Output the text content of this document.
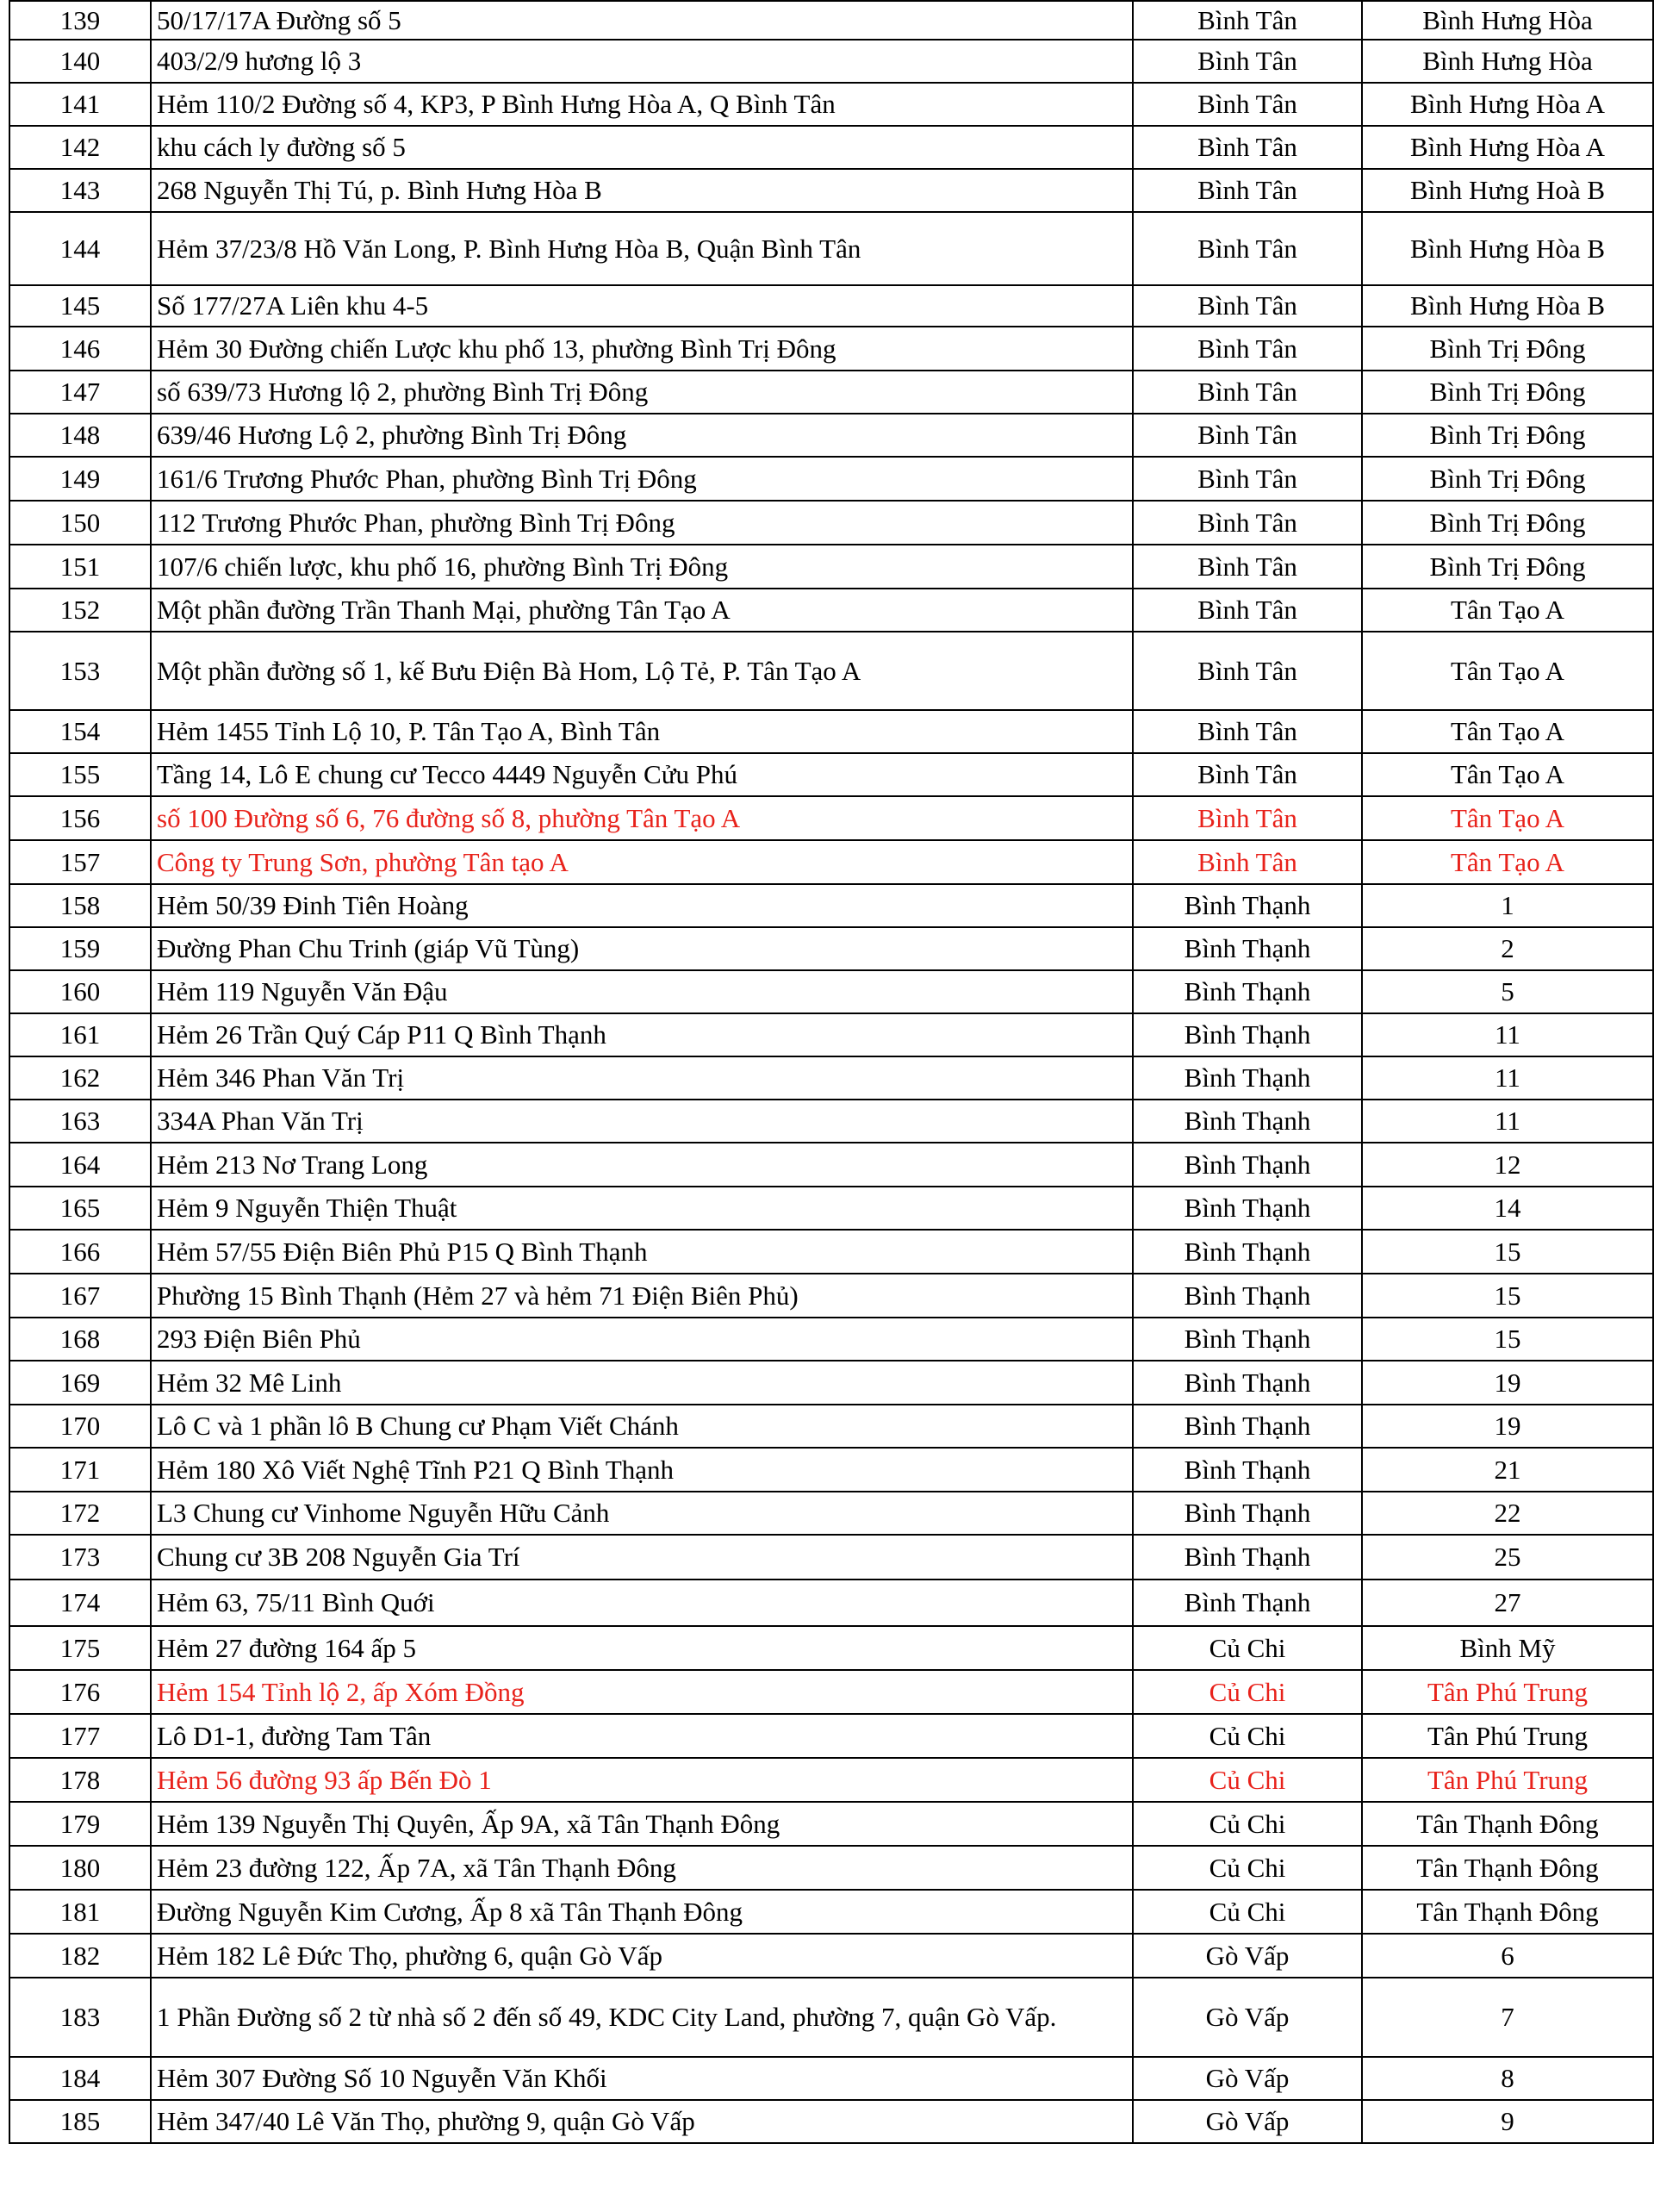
139	50/17/17A Đường số 5	Bình Tân	Bình Hưng Hòa
140	403/2/9 hương lộ 3	Bình Tân	Bình Hưng Hòa
141	Hẻm 110/2 Đường số 4, KP3, P Bình Hưng Hòa A, Q Bình Tân	Bình Tân	Bình Hưng Hòa A
142	khu cách ly đường số 5	Bình Tân	Bình Hưng Hòa A
143	268 Nguyễn Thị Tú, p. Bình Hưng Hòa B	Bình Tân	Bình Hưng Hoà B
144	Hẻm 37/23/8 Hồ Văn Long, P. Bình Hưng Hòa B, Quận Bình Tân	Bình Tân	Bình Hưng Hòa B
145	Số 177/27A Liên khu 4-5	Bình Tân	Bình Hưng Hòa B
146	Hẻm 30 Đường chiến Lược khu phố 13, phường Bình Trị Đông	Bình Tân	Bình Trị Đông
147	số 639/73 Hương lộ 2, phường Bình Trị Đông	Bình Tân	Bình Trị Đông
148	639/46 Hương Lộ 2, phường Bình Trị Đông	Bình Tân	Bình Trị Đông
149	161/6 Trương Phước Phan, phường Bình Trị Đông	Bình Tân	Bình Trị Đông
150	112 Trương Phước Phan, phường Bình Trị Đông	Bình Tân	Bình Trị Đông
151	107/6 chiến lược, khu phố 16, phường Bình Trị Đông	Bình Tân	Bình Trị Đông
152	Một phần đường Trần Thanh Mại, phường Tân Tạo A	Bình Tân	Tân Tạo A
153	Một phần đường số 1, kế Bưu Điện Bà Hom, Lộ Tẻ, P. Tân Tạo A	Bình Tân	Tân Tạo A
154	Hẻm 1455 Tỉnh Lộ 10, P. Tân Tạo A, Bình Tân	Bình Tân	Tân Tạo A
155	Tầng 14, Lô E chung cư Tecco 4449 Nguyễn Cửu Phú	Bình Tân	Tân Tạo A
156	số 100 Đường số 6, 76 đường số 8, phường Tân Tạo A	Bình Tân	Tân Tạo A
157	Công ty Trung Sơn, phường Tân tạo A	Bình Tân	Tân Tạo A
158	Hẻm 50/39 Đinh Tiên Hoàng	Bình Thạnh	1
159	Đường Phan Chu Trinh (giáp Vũ Tùng)	Bình Thạnh	2
160	Hẻm 119 Nguyễn Văn Đậu	Bình Thạnh	5
161	Hẻm 26 Trần Quý Cáp P11 Q Bình Thạnh	Bình Thạnh	11
162	Hẻm 346 Phan Văn Trị	Bình Thạnh	11
163	334A Phan Văn Trị	Bình Thạnh	11
164	Hẻm 213 Nơ Trang Long	Bình Thạnh	12
165	Hẻm 9 Nguyễn Thiện Thuật	Bình Thạnh	14
166	Hẻm 57/55 Điện Biên Phủ P15 Q Bình Thạnh	Bình Thạnh	15
167	Phường 15 Bình Thạnh (Hẻm 27 và hẻm 71 Điện Biên Phủ)	Bình Thạnh	15
168	293 Điện Biên Phủ	Bình Thạnh	15
169	Hẻm 32 Mê Linh	Bình Thạnh	19
170	Lô C và 1 phần lô B Chung cư Phạm Viết Chánh	Bình Thạnh	19
171	Hẻm 180 Xô Viết Nghệ Tĩnh P21 Q Bình Thạnh	Bình Thạnh	21
172	L3 Chung cư Vinhome Nguyễn Hữu Cảnh	Bình Thạnh	22
173	Chung cư 3B 208 Nguyễn Gia Trí	Bình Thạnh	25
174	Hẻm 63, 75/11 Bình Quới	Bình Thạnh	27
175	Hẻm 27 đường 164 ấp 5	Củ Chi	Bình Mỹ
176	Hẻm 154 Tỉnh lộ 2, ấp Xóm Đồng	Củ Chi	Tân Phú Trung
177	Lô D1-1, đường Tam Tân	Củ Chi	Tân Phú Trung
178	Hẻm 56 đường 93 ấp Bến Đò 1	Củ Chi	Tân Phú Trung
179	Hẻm 139 Nguyễn Thị Quyên, Ấp 9A, xã Tân Thạnh Đông	Củ Chi	Tân Thạnh Đông
180	Hẻm 23 đường 122, Ấp 7A, xã Tân Thạnh Đông	Củ Chi	Tân Thạnh Đông
181	Đường Nguyễn Kim Cương, Ấp 8 xã Tân Thạnh Đông	Củ Chi	Tân Thạnh Đông
182	Hẻm 182 Lê Đức Thọ, phường 6, quận Gò Vấp	Gò Vấp	6
183	1 Phần Đường số 2 từ nhà số 2 đến số 49, KDC City Land, phường 7, quận Gò Vấp.	Gò Vấp	7
184	Hẻm 307 Đường Số 10 Nguyễn Văn Khối	Gò Vấp	8
185	Hẻm 347/40 Lê Văn Thọ, phường 9, quận Gò Vấp	Gò Vấp	9
